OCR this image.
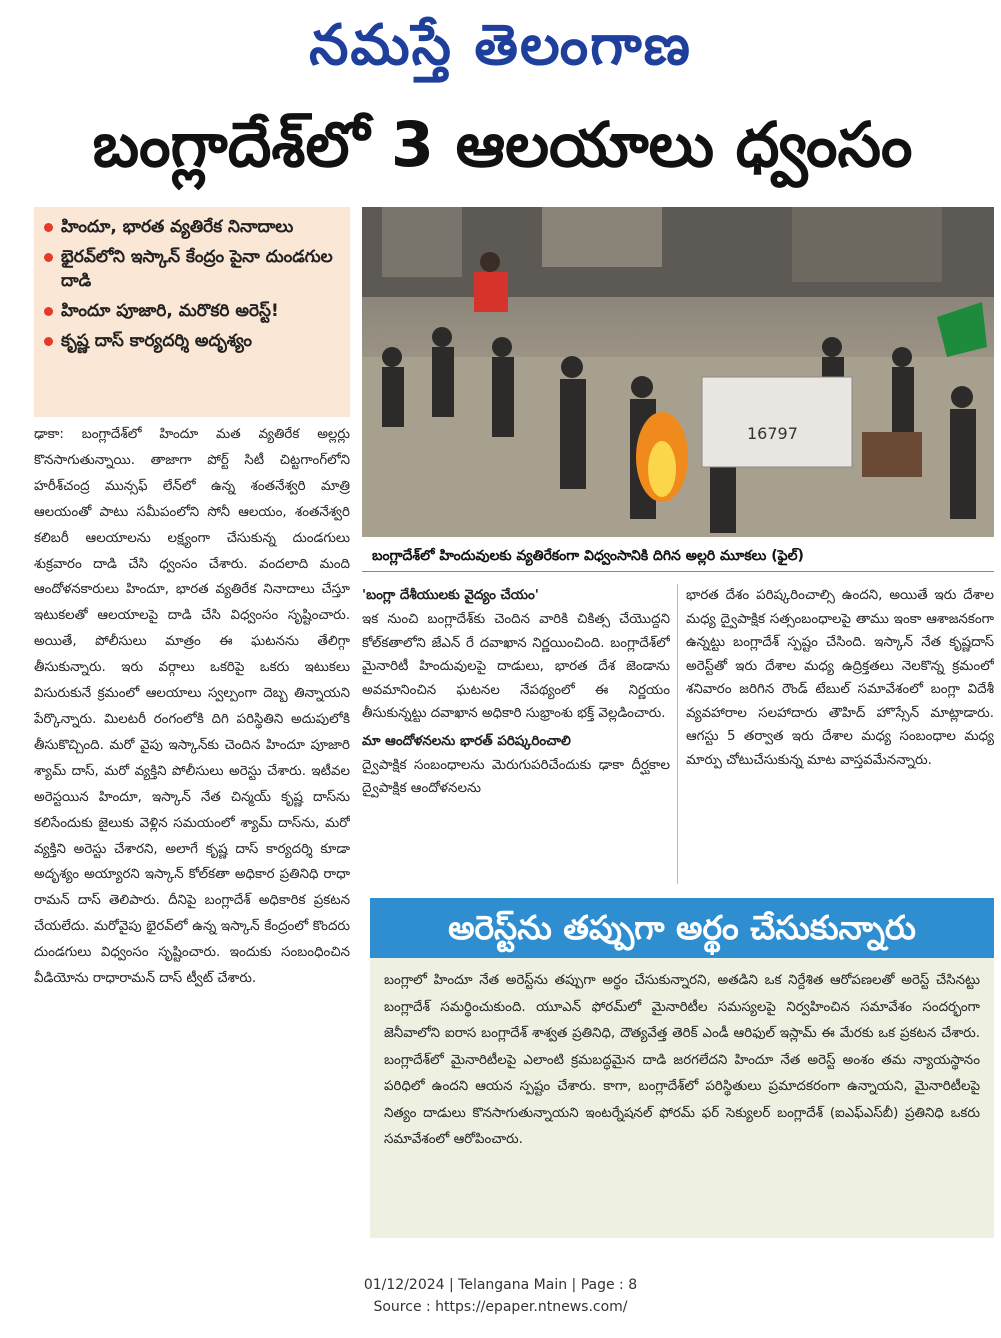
నమస్తే తెలంగాణ
బంగ్లాదేశ్‌లో 3 ఆలయాలు ధ్వంసం
హిందూ, భారత వ్యతిరేక నినాదాలు
భైరవ్‌లోని ఇస్కాన్ కేంద్రం పైనా దుండగుల దాడి
హిందూ పూజారి, మరొకరి అరెస్ట్!
కృష్ణ దాస్ కార్యదర్శి అదృశ్యం
16797
బంగ్లాదేశ్‌లో హిందువులకు వ్యతిరేకంగా విధ్వంసానికి దిగిన అల్లరి మూకలు (ఫైల్)
ఢాకా: బంగ్లాదేశ్‌లో హిందూ మత వ్యతిరేక అల్లర్లు కొనసాగుతున్నాయి. తాజాగా పోర్ట్ సిటీ చిట్టగాంగ్‌లోని హరీశ్‌చంద్ర మున్సఫ్ లేన్‌లో ఉన్న శంతనేశ్వరి మాత్రి ఆలయంతో పాటు సమీపంలోని సోనీ ఆలయం, శంతనేశ్వరి కలిబరీ ఆలయాలను లక్ష్యంగా చేసుకున్న దుండగులు శుక్రవారం దాడి చేసి ధ్వంసం చేశారు. వందలాది మంది ఆందోళనకారులు హిందూ, భారత వ్యతిరేక నినాదాలు చేస్తూ ఇటుకలతో ఆలయాలపై దాడి చేసి విధ్వంసం సృష్టించారు. అయితే, పోలీసులు మాత్రం ఈ ఘటనను తేలిగ్గా తీసుకున్నారు. ఇరు వర్గాలు ఒకరిపై ఒకరు ఇటుకలు విసురుకునే క్రమంలో ఆలయాలు స్వల్పంగా దెబ్బ తిన్నాయని పేర్కొన్నారు. మిలటరీ రంగంలోకి దిగి పరిస్థితిని అదుపులోకి తీసుకొచ్చింది. మరో వైపు ఇస్కాన్‌కు చెందిన హిందూ పూజారి శ్యామ్ దాస్, మరో వ్యక్తిని పోలీసులు అరెస్టు చేశారు. ఇటీవల అరెస్టయిన హిందూ, ఇస్కాన్ నేత చిన్మయ్ కృష్ణ దాస్‌ను కలిసేందుకు జైలుకు వెళ్లిన సమయంలో శ్యామ్ దాస్‌ను, మరో వ్యక్తిని అరెస్టు చేశారని, అలాగే కృష్ణ దాస్ కార్యదర్శి కూడా అదృశ్యం అయ్యారని ఇస్కాన్ కోల్‌కతా అధికార ప్రతినిధి రాధా రామన్ దాస్ తెలిపారు. దీనిపై బంగ్లాదేశ్ అధికారిక ప్రకటన చేయలేదు. మరోవైపు భైరవ్‌లో ఉన్న ఇస్కాన్ కేంద్రంలో కొందరు దుండగులు విధ్వంసం సృష్టించారు. ఇందుకు సంబంధించిన వీడియోను రాధారామన్ దాస్ ట్వీట్ చేశారు.

'బంగ్లా దేశీయులకు వైద్యం చేయం'

ఇక నుంచి బంగ్లాదేశ్‌కు చెందిన వారికి చికిత్స చేయొద్దని కోల్‌కతాలోని జేఎన్ రే దవాఖాన నిర్ణయించింది. బంగ్లాదేశ్‌లో మైనారిటీ హిందువులపై దాడులు, భారత దేశ జెండాను అవమానించిన ఘటనల నేపథ్యంలో ఈ నిర్ణయం తీసుకున్నట్టు దవాఖాన అధికారి సుభ్రాంశు భక్త్ వెల్లడించారు.

మా ఆందోళనలను భారత్ పరిష్కరించాలి

ద్వైపాక్షిక సంబంధాలను మెరుగుపరిచేందుకు ఢాకా దీర్ఘకాల ద్వైపాక్షిక ఆందోళనలను

భారత దేశం పరిష్కరించాల్సి ఉందని, అయితే ఇరు దేశాల మధ్య ద్వైపాక్షిక సత్సంబంధాలపై తాము ఇంకా ఆశాజనకంగా ఉన్నట్టు బంగ్లాదేశ్ స్పష్టం చేసింది. ఇస్కాన్ నేత కృష్ణదాస్ అరెస్ట్‌తో ఇరు దేశాల మధ్య ఉద్రిక్తతలు నెలకొన్న క్రమంలో శనివారం జరిగిన రౌండ్ టేబుల్ సమావేశంలో బంగ్లా విదేశీ వ్యవహారాల సలహాదారు తౌహిద్ హొస్సేన్ మాట్లాడారు. ఆగస్టు 5 తర్వాత ఇరు దేశాల మధ్య సంబంధాల మధ్య మార్పు చోటుచేసుకున్న మాట వాస్తవమేనన్నారు.

అరెస్ట్‌ను తప్పుగా అర్థం చేసుకున్నారు
బంగ్లాలో హిందూ నేత అరెస్ట్‌ను తప్పుగా అర్థం చేసుకున్నారని, అతడిని ఒక నిర్దేశిత ఆరోపణలతో అరెస్ట్ చేసినట్టు బంగ్లాదేశ్ సమర్థించుకుంది. యూఎన్ ఫోరమ్‌లో మైనారిటీల సమస్యలపై నిర్వహించిన సమావేశం సందర్భంగా జెనీవాలోని ఐరాస బంగ్లాదేశ్ శాశ్వత ప్రతినిధి, దౌత్యవేత్త తెరిక్ ఎండీ ఆరిఫుల్ ఇస్లామ్ ఈ మేరకు ఒక ప్రకటన చేశారు. బంగ్లాదేశ్‌లో మైనారిటీలపై ఎలాంటి క్రమబద్ధమైన దాడి జరగలేదని హిందూ నేత అరెస్ట్ అంశం తమ న్యాయస్థానం పరిధిలో ఉందని ఆయన స్పష్టం చేశారు. కాగా, బంగ్లాదేశ్‌లో పరిస్థితులు ప్రమాదకరంగా ఉన్నాయని, మైనారిటీలపై నిత్యం దాడులు కొనసాగుతున్నాయని ఇంటర్నేషనల్ ఫోరమ్ ఫర్ సెక్యులర్ బంగ్లాదేశ్ (ఐఎఫ్‌ఎస్‌బీ) ప్రతినిధి ఒకరు సమావేశంలో ఆరోపించారు.
01/12/2024 | Telangana Main | Page : 8
Source : https://epaper.ntnews.com/
